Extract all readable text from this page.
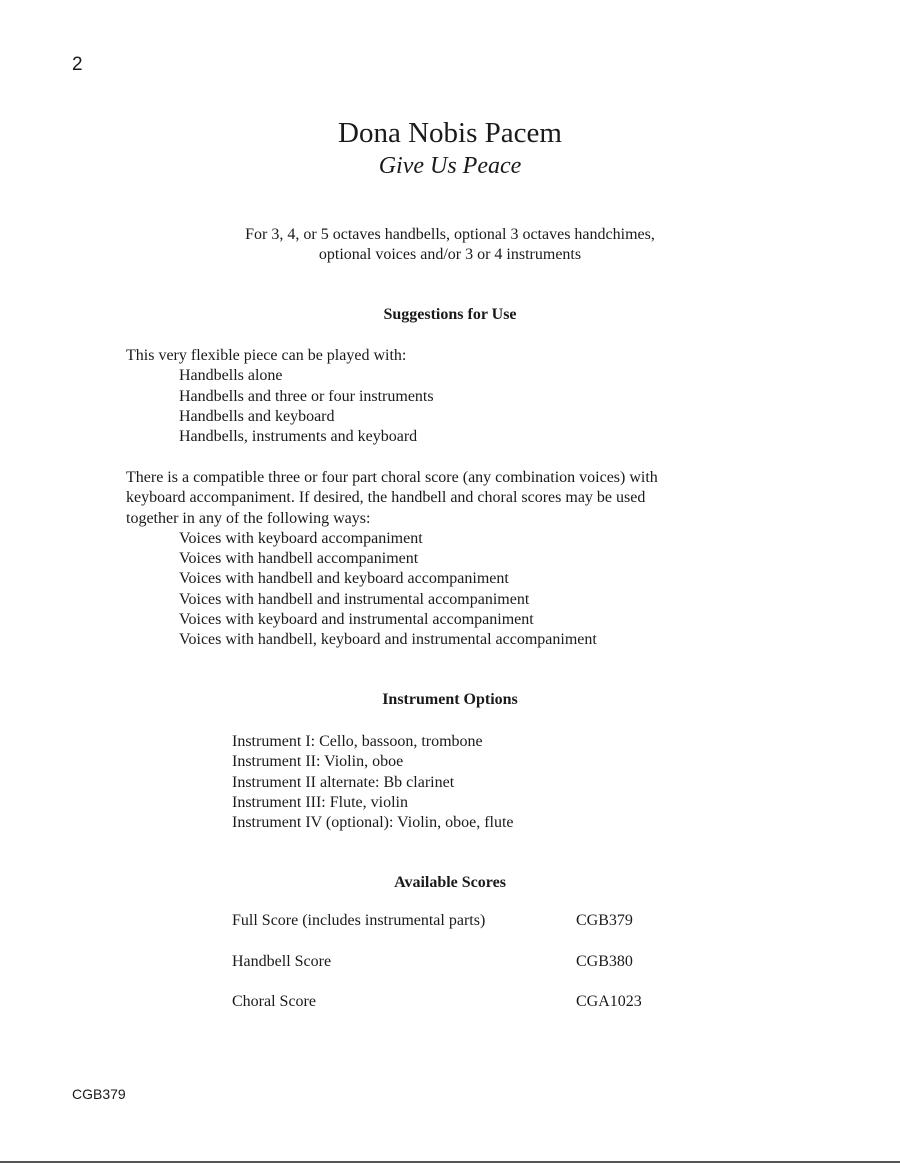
2
Dona Nobis Pacem
Give Us Peace
For 3, 4, or 5 octaves handbells, optional 3 octaves handchimes,
optional voices and/or 3 or 4 instruments
Suggestions for Use
This very flexible piece can be played with:
Handbells alone
Handbells and three or four instruments
Handbells and keyboard
Handbells, instruments and keyboard
There is a compatible three or four part choral score (any combination voices) with
keyboard accompaniment. If desired, the handbell and choral scores may be used
together in any of the following ways:
Voices with keyboard accompaniment
Voices with handbell accompaniment
Voices with handbell and keyboard accompaniment
Voices with handbell and instrumental accompaniment
Voices with keyboard and instrumental accompaniment
Voices with handbell, keyboard and instrumental accompaniment
Instrument Options
Instrument I: Cello, bassoon, trombone
Instrument II: Violin, oboe
Instrument II alternate: Bb clarinet
Instrument III: Flute, violin
Instrument IV (optional): Violin, oboe, flute
Available Scores
Full Score (includes instrumental parts)	CGB379
Handbell Score	CGB380
Choral Score	CGA1023
CGB379
